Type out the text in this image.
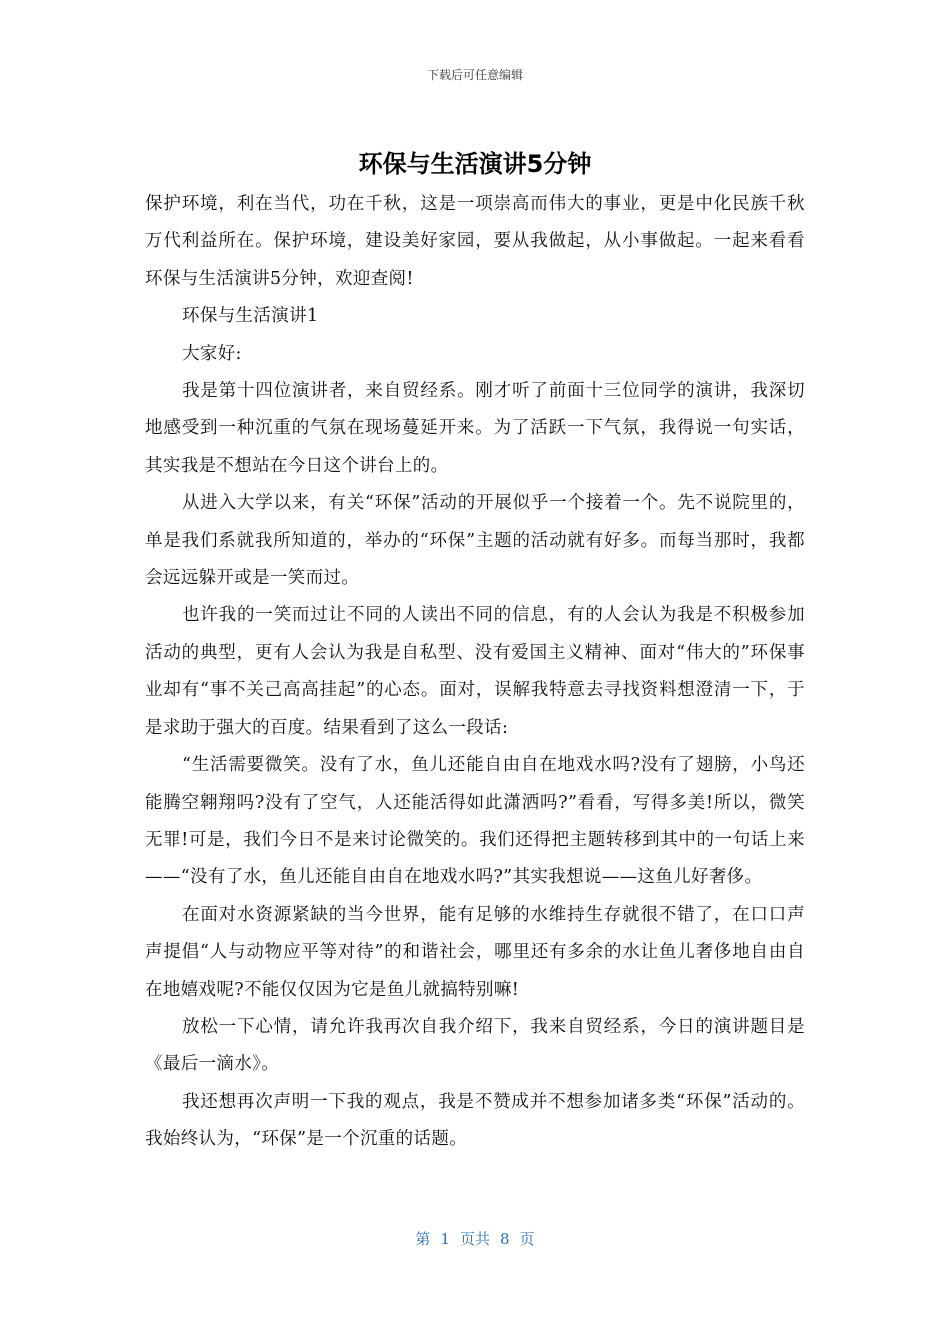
下载后可任意编辑
环保与生活演讲5分钟

保护环境，利在当代，功在千秋，这是一项崇高而伟大的事业，更是中化民族千秋万代利益所在。保护环境，建设美好家园，要从我做起，从小事做起。一起来看看环保与生活演讲5分钟，欢迎查阅!

环保与生活演讲1

大家好:

我是第十四位演讲者，来自贸经系。刚才听了前面十三位同学的演讲，我深切地感受到一种沉重的气氛在现场蔓延开来。为了活跃一下气氛，我得说一句实话，其实我是不想站在今日这个讲台上的。

从进入大学以来，有关“环保”活动的开展似乎一个接着一个。先不说院里的，单是我们系就我所知道的，举办的“环保”主题的活动就有好多。而每当那时，我都会远远躲开或是一笑而过。

也许我的一笑而过让不同的人读出不同的信息，有的人会认为我是不积极参加活动的典型，更有人会认为我是自私型、没有爱国主义精神、面对“伟大的”环保事业却有“事不关己高高挂起”的心态。面对，误解我特意去寻找资料想澄清一下，于是求助于强大的百度。结果看到了这么一段话:

“生活需要微笑。没有了水，鱼儿还能自由自在地戏水吗?没有了翅膀，小鸟还能腾空翱翔吗?没有了空气，人还能活得如此潇洒吗?”看看，写得多美!所以，微笑无罪!可是，我们今日不是来讨论微笑的。我们还得把主题转移到其中的一句话上来——“没有了水，鱼儿还能自由自在地戏水吗?”其实我想说——这鱼儿好奢侈。

在面对水资源紧缺的当今世界，能有足够的水维持生存就很不错了，在口口声声提倡“人与动物应平等对待”的和谐社会，哪里还有多余的水让鱼儿奢侈地自由自在地嬉戏呢?不能仅仅因为它是鱼儿就搞特别嘛!

放松一下心情，请允许我再次自我介绍下，我来自贸经系，今日的演讲题目是《最后一滴水》。

我还想再次声明一下我的观点，我是不赞成并不想参加诸多类“环保”活动的。我始终认为，“环保”是一个沉重的话题。

第 1 页共 8 页
